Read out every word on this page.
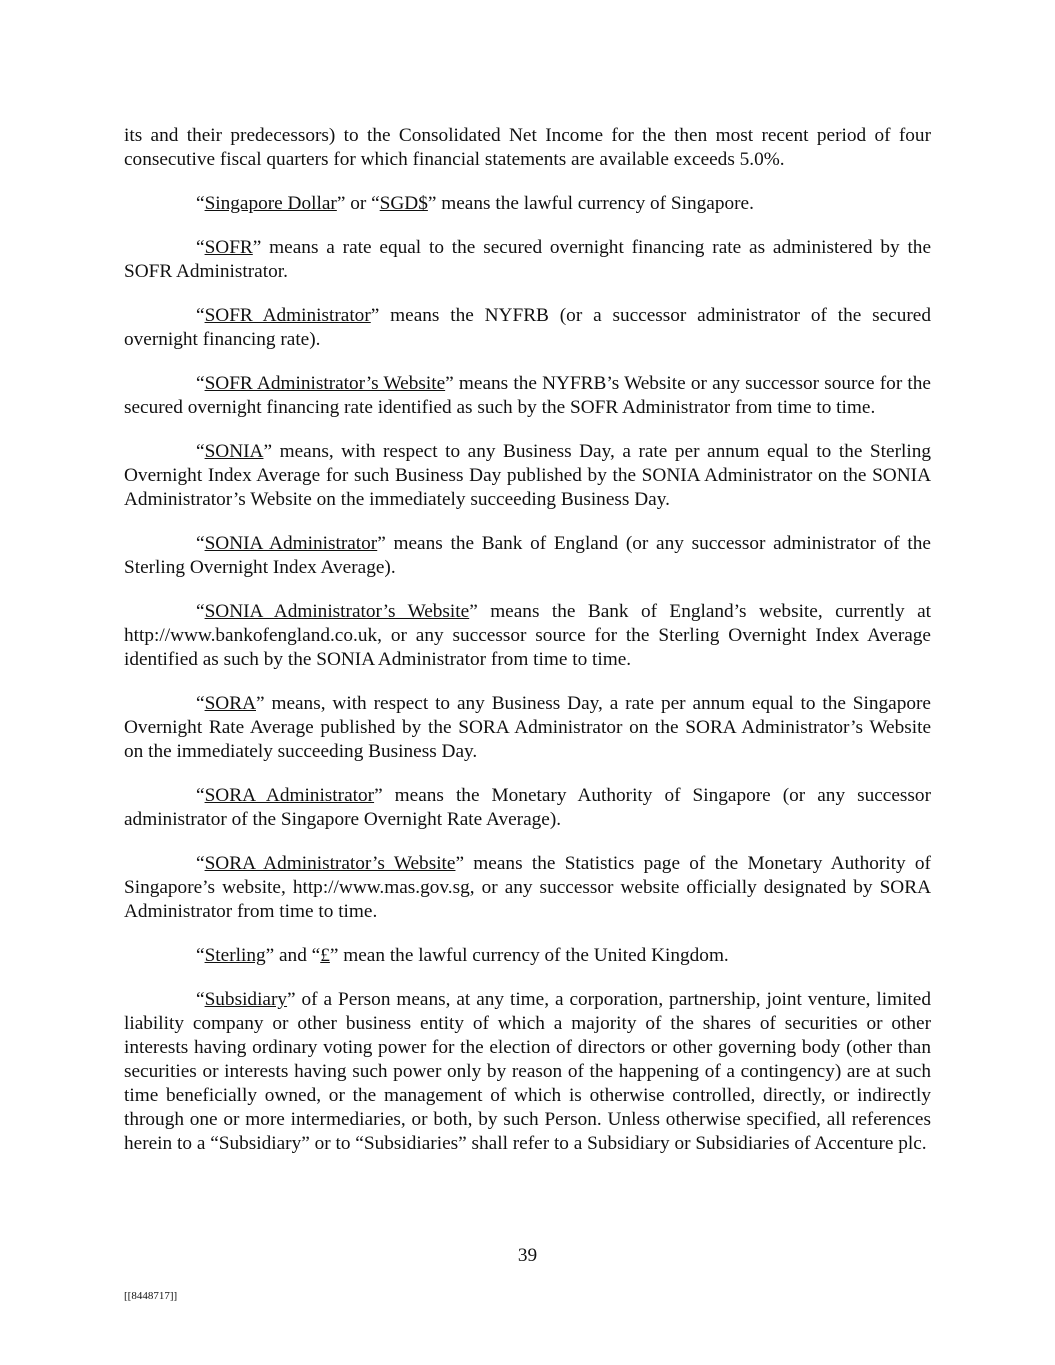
its and their predecessors) to the Consolidated Net Income for the then most recent period of four consecutive fiscal quarters for which financial statements are available exceeds 5.0%.

“Singapore Dollar” or “SGD$” means the lawful currency of Singapore.

“SOFR” means a rate equal to the secured overnight financing rate as administered by the SOFR Administrator.

“SOFR Administrator” means the NYFRB (or a successor administrator of the secured overnight financing rate).

“SOFR Administrator’s Website” means the NYFRB’s Website or any successor source for the secured overnight financing rate identified as such by the SOFR Administrator from time to time.

“SONIA” means, with respect to any Business Day, a rate per annum equal to the Sterling Overnight Index Average for such Business Day published by the SONIA Administrator on the SONIA Administrator’s Website on the immediately succeeding Business Day.

“SONIA Administrator” means the Bank of England (or any successor administrator of the Sterling Overnight Index Average).

“SONIA Administrator’s Website” means the Bank of England’s website, currently at http://www.bankofengland.co.uk, or any successor source for the Sterling Overnight Index Average identified as such by the SONIA Administrator from time to time.

“SORA” means, with respect to any Business Day, a rate per annum equal to the Singapore Overnight Rate Average published by the SORA Administrator on the SORA Administrator’s Website on the immediately succeeding Business Day.

“SORA Administrator” means the Monetary Authority of Singapore (or any successor administrator of the Singapore Overnight Rate Average).

“SORA Administrator’s Website” means the Statistics page of the Monetary Authority of Singapore’s website, http://www.mas.gov.sg, or any successor website officially designated by SORA Administrator from time to time.

“Sterling” and “£” mean the lawful currency of the United Kingdom.

“Subsidiary” of a Person means, at any time, a corporation, partnership, joint venture, limited liability company or other business entity of which a majority of the shares of securities or other interests having ordinary voting power for the election of directors or other governing body (other than securities or interests having such power only by reason of the happening of a contingency) are at such time beneficially owned, or the management of which is otherwise controlled, directly, or indirectly through one or more intermediaries, or both, by such Person. Unless otherwise specified, all references herein to a “Subsidiary” or to “Subsidiaries” shall refer to a Subsidiary or Subsidiaries of Accenture plc.

39
[[8448717]]
